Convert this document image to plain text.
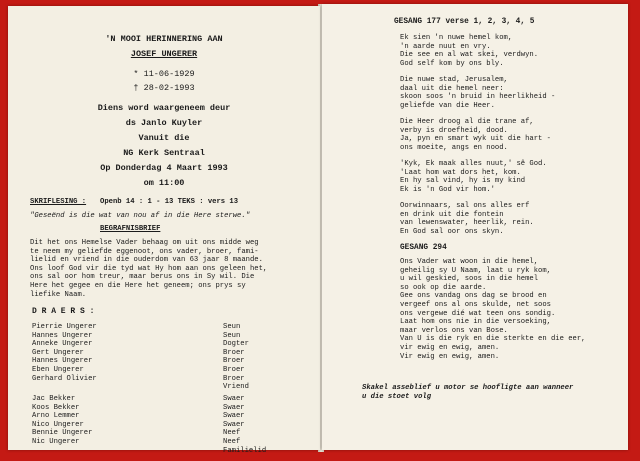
'N MOOI HERINNERING AAN
JOSEF UNGERER
* 11-06-1929
† 28-02-1993
Diens word waargeneem deur
ds Janlo Kuyler
Vanuit die
NG Kerk Sentraal
Op Donderdag 4 Maart 1993
om 11:00
SKRIFLESING : Openb 14 : 1 - 13 TEKS : vers 13
"Geseënd is die wat van nou af in die Here sterwe."
BEGRAFNISBRIEF
Dit het ons Hemelse Vader behaag om uit ons midde weg
te neem my geliefde eggenoot, ons vader, broer, fami-
lielid en vriend in die ouderdom van 63 jaar 8 maande.
Ons loof God vir die tyd wat Hy hom aan ons geleen het,
ons sal oor hom treur, maar berus ons in Sy wil. Die
Here het gegee en die Here het geneem; ons prys sy
liefike Naam.
D R A E R S :
Pierrie Ungerer
Hannes Ungerer
Anneke Ungerer
Gert Ungerer
Hannes Ungerer
Eben Ungerer
Gerhard Olivier

Seun
Seun
Dogter
Broer
Broer
Broer
Broer
Vriend
Jac Bekker
Koos Bekker
Arno Lemmer
Nico Ungerer
Bennie Ungerer
Nic Ungerer

Swaer
Swaer
Swaer
Swaer
Neef
Neef
Familielid
GESANG 177 verse 1, 2, 3, 4, 5
Ek sien 'n nuwe hemel kom,
'n aarde nuut en vry.
Die see en al wat skei, verdwyn.
God self kom by ons bly.
Die nuwe stad, Jerusalem,
daal uit die hemel neer:
skoon soos 'n bruid in heerlikheid -
geliefde van die Heer.
Die Heer droog al die trane af,
verby is droefheid, dood.
Ja, pyn en smart wyk uit die hart -
ons moeite, angs en nood.
'Kyk, Ek maak alles nuut,' sê God.
'Laat hom wat dors het, kom.
En hy sal vind, hy is my kind
Ek is 'n God vir hom.'
Oorwinnaars, sal ons alles erf
en drink uit die fontein
van lewenswater, heerlik, rein.
En God sal oor ons skyn.
GESANG 294
Ons Vader wat woon in die hemel,
geheilig sy U Naam, laat u ryk kom,
u wil geskied, soos in die hemel
so ook op die aarde.
Gee ons vandag ons dag se brood en
vergeef ons al ons skulde, net soos
ons vergewe dié wat teen ons sondig.
Laat hom ons nie in die versoeking,
maar verlos ons van Bose.
Van U is die ryk en die sterkte en die eer,
vir ewig en ewig, amen.
Vir ewig en ewig, amen.
Skakel asseblief u motor se hoofligte aan wanneer
u die stoet volg
